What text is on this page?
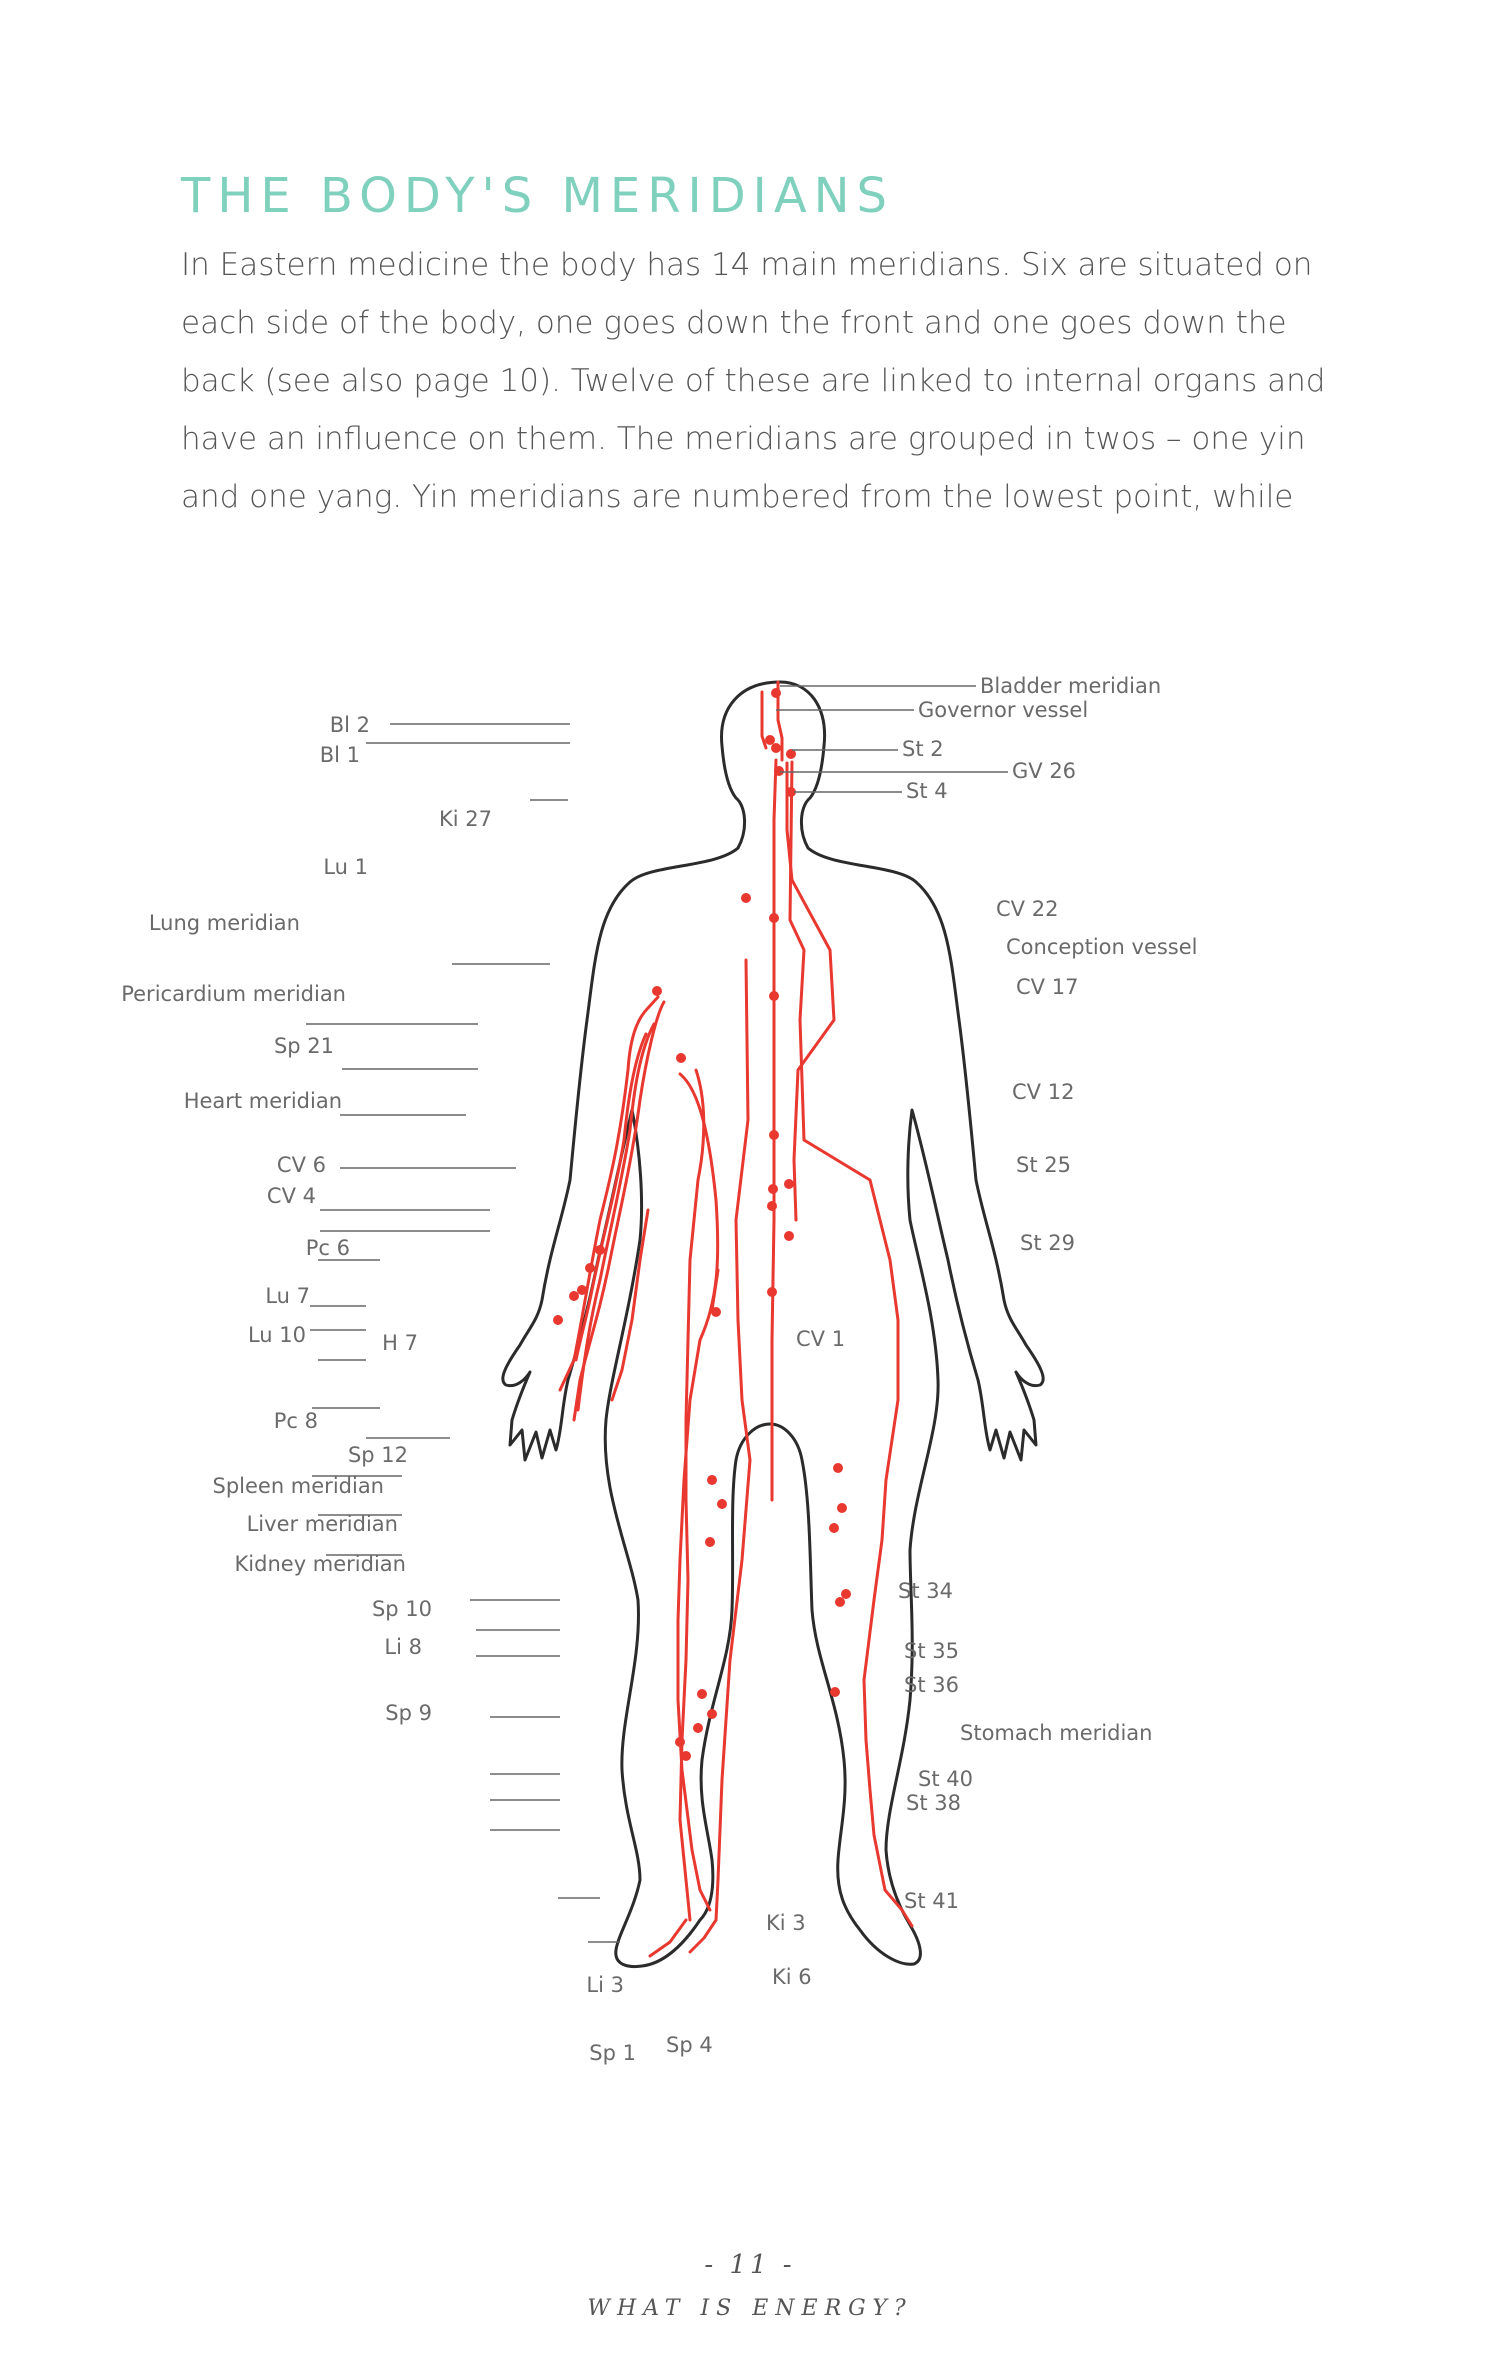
THE BODY'S MERIDIANS
In Eastern medicine the body has 14 main meridians. Six are situated on
each side of the body, one goes down the front and one goes down the
back (see also page 10). Twelve of these are linked to internal organs and
have an influence on them. The meridians are grouped in twos – one yin
and one yang. Yin meridians are numbered from the lowest point, while
Bladder meridian
Governor vessel
St 2
GV 26
St 4
CV 22
Conception vessel
CV 17
CV 12
St 25
St 29
St 34
St 35
St 36
Stomach meridian
St 40
St 38
St 41
Bl 2
Bl 1
Ki 27
Lu 1
Lung meridian
Pericardium meridian
Sp 21
Heart meridian
CV 6
CV 4
Pc 6
Lu 7
Lu 10	H 7
Pc 8
Sp 12
Spleen meridian
Liver meridian
Kidney meridian
Sp 10
Li 8
Sp 9
Ki 3
Ki 6
Li 3
Sp 4
Sp 1
CV 1
- 11 -
WHAT IS ENERGY?
